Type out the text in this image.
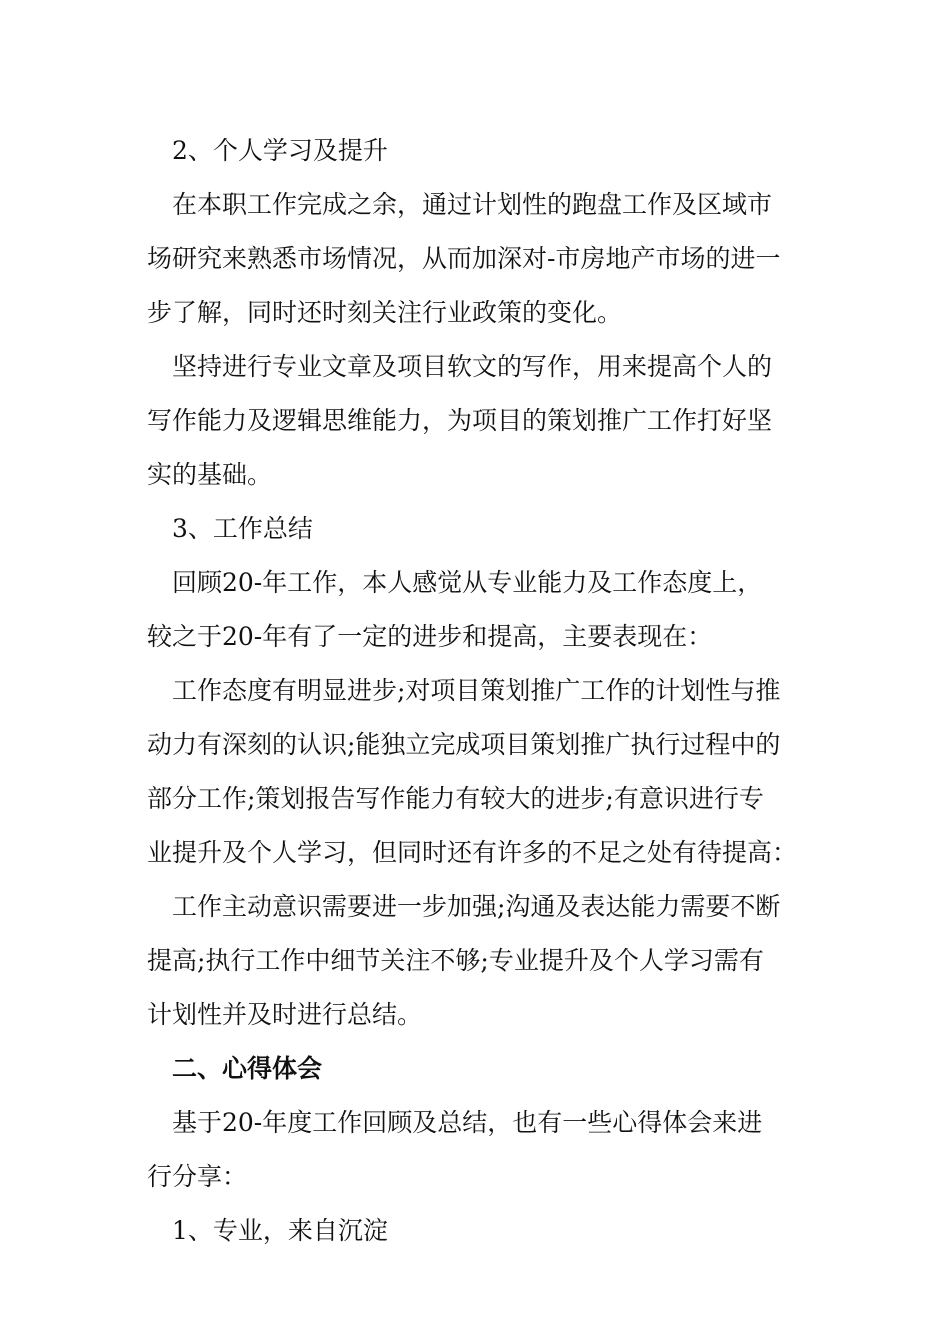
　2、个人学习及提升
　在本职工作完成之余，通过计划性的跑盘工作及区域市
场研究来熟悉市场情况，从而加深对-市房地产市场的进一
步了解，同时还时刻关注行业政策的变化。
　坚持进行专业文章及项目软文的写作，用来提高个人的
写作能力及逻辑思维能力，为项目的策划推广工作打好坚
实的基础。
　3、工作总结
　回顾20-年工作，本人感觉从专业能力及工作态度上，
较之于20-年有了一定的进步和提高，主要表现在：
　工作态度有明显进步;对项目策划推广工作的计划性与推
动力有深刻的认识;能独立完成项目策划推广执行过程中的
部分工作;策划报告写作能力有较大的进步;有意识进行专
业提升及个人学习，但同时还有许多的不足之处有待提高：
　工作主动意识需要进一步加强;沟通及表达能力需要不断
提高;执行工作中细节关注不够;专业提升及个人学习需有
计划性并及时进行总结。
　二、心得体会
　基于20-年度工作回顾及总结，也有一些心得体会来进
行分享：
　1、专业，来自沉淀
